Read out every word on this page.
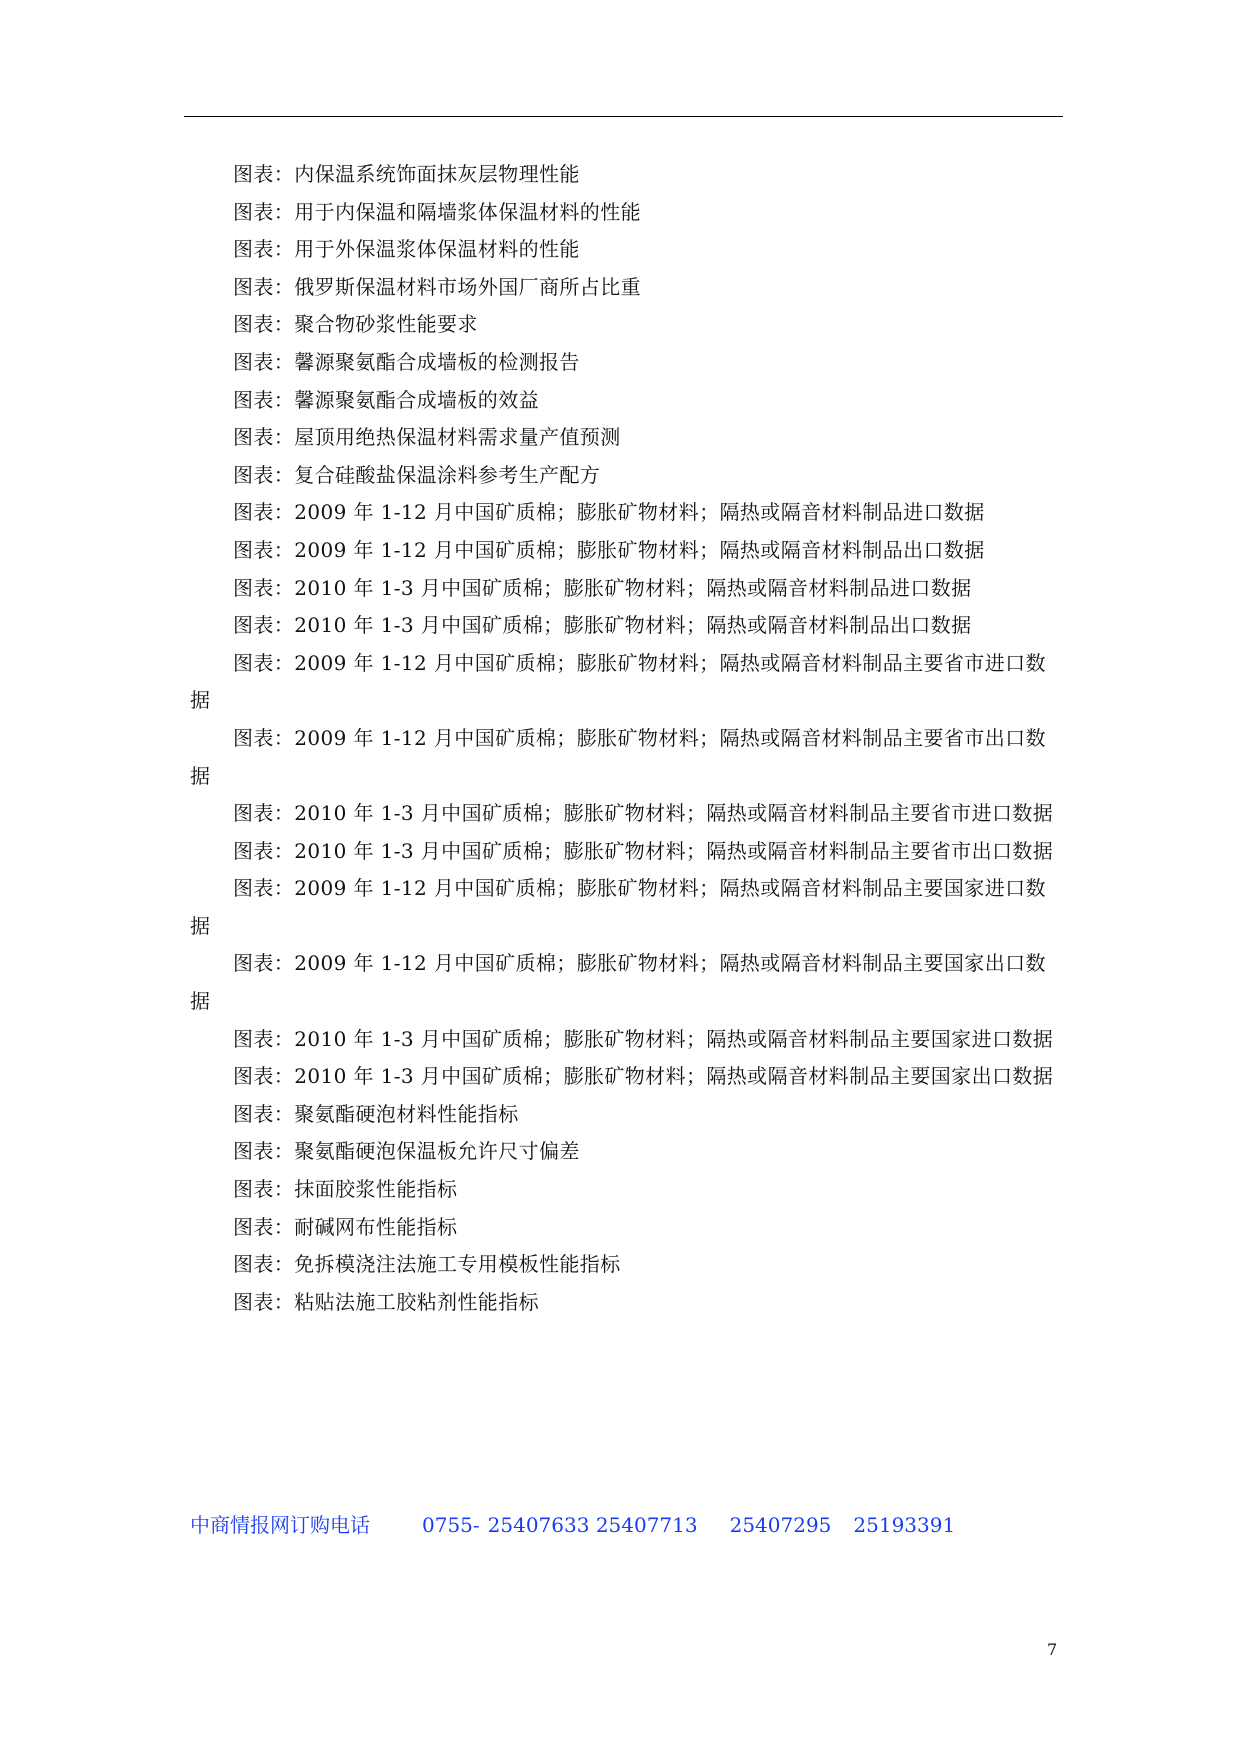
图表：内保温系统饰面抹灰层物理性能
图表：用于内保温和隔墙浆体保温材料的性能
图表：用于外保温浆体保温材料的性能
图表：俄罗斯保温材料市场外国厂商所占比重
图表：聚合物砂浆性能要求
图表：馨源聚氨酯合成墙板的检测报告
图表：馨源聚氨酯合成墙板的效益
图表：屋顶用绝热保温材料需求量产值预测
图表：复合硅酸盐保温涂料参考生产配方
图表：2009 年 1-12 月中国矿质棉；膨胀矿物材料；隔热或隔音材料制品进口数据
图表：2009 年 1-12 月中国矿质棉；膨胀矿物材料；隔热或隔音材料制品出口数据
图表：2010 年 1-3 月中国矿质棉；膨胀矿物材料；隔热或隔音材料制品进口数据
图表：2010 年 1-3 月中国矿质棉；膨胀矿物材料；隔热或隔音材料制品出口数据
图表：2009 年 1-12 月中国矿质棉；膨胀矿物材料；隔热或隔音材料制品主要省市进口数据
图表：2009 年 1-12 月中国矿质棉；膨胀矿物材料；隔热或隔音材料制品主要省市出口数据
图表：2010 年 1-3 月中国矿质棉；膨胀矿物材料；隔热或隔音材料制品主要省市进口数据
图表：2010 年 1-3 月中国矿质棉；膨胀矿物材料；隔热或隔音材料制品主要省市出口数据
图表：2009 年 1-12 月中国矿质棉；膨胀矿物材料；隔热或隔音材料制品主要国家进口数据
图表：2009 年 1-12 月中国矿质棉；膨胀矿物材料；隔热或隔音材料制品主要国家出口数据
图表：2010 年 1-3 月中国矿质棉；膨胀矿物材料；隔热或隔音材料制品主要国家进口数据
图表：2010 年 1-3 月中国矿质棉；膨胀矿物材料；隔热或隔音材料制品主要国家出口数据
图表：聚氨酯硬泡材料性能指标
图表：聚氨酯硬泡保温板允许尺寸偏差
图表：抹面胶浆性能指标
图表：耐碱网布性能指标
图表：免拆模浇注法施工专用模板性能指标
图表：粘贴法施工胶粘剂性能指标
中商情报网订购电话	0755- 25407633 25407713 25407295 25193391
7
